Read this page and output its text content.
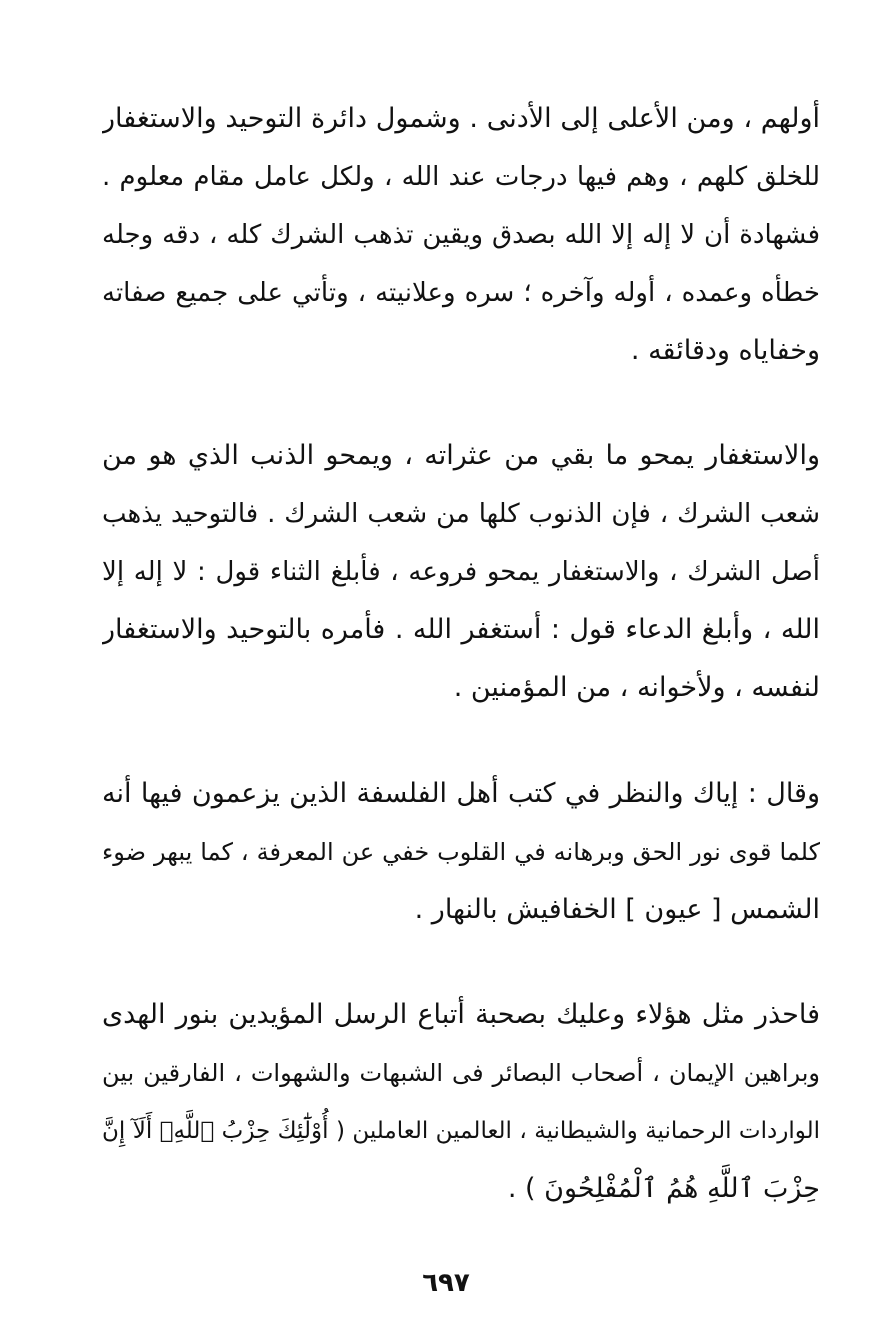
أولهم ، ومن الأعلى إلى الأدنى . وشمول دائرة التوحيد والاستغفار
للخلق كلهم ، وهم فيها درجات عند الله ، ولكل عامل مقام معلوم .
فشهادة أن لا إله إلا الله بصدق ويقين تذهب الشرك كله ، دقه وجله
خطأه وعمده ، أوله وآخره ؛ سره وعلانيته ، وتأتي على جميع صفاته
وخفاياه ودقائقه .
والاستغفار يمحو ما بقي من عثراته ، ويمحو الذنب الذي هو من
شعب الشرك ، فإن الذنوب كلها من شعب الشرك . فالتوحيد يذهب
أصل الشرك ، والاستغفار يمحو فروعه ، فأبلغ الثناء قول : لا إله إلا
الله ، وأبلغ الدعاء قول : أستغفر الله . فأمره بالتوحيد والاستغفار
لنفسه ، ولأخوانه ، من المؤمنين .
وقال : إياك والنظر في كتب أهل الفلسفة الذين يزعمون فيها أنه
كلما قوى نور الحق وبرهانه في القلوب خفي عن المعرفة ، كما يبهر ضوء
الشمس [ عيون ] الخفافيش بالنهار .
فاحذر مثل هؤلاء وعليك بصحبة أتباع الرسل المؤيدين بنور الهدى
وبراهين الإيمان ، أصحاب البصائر فى الشبهات والشهوات ، الفارقين بين
الواردات الرحمانية والشيطانية ، العالمين العاملين ( أُوْلَٰٓئِكَ حِزْبُ ٱللَّهِۚ أَلَآ إِنَّ
حِزْبَ ٱللَّهِ هُمُ ٱلْمُفْلِحُونَ ) .
٦٩٧
